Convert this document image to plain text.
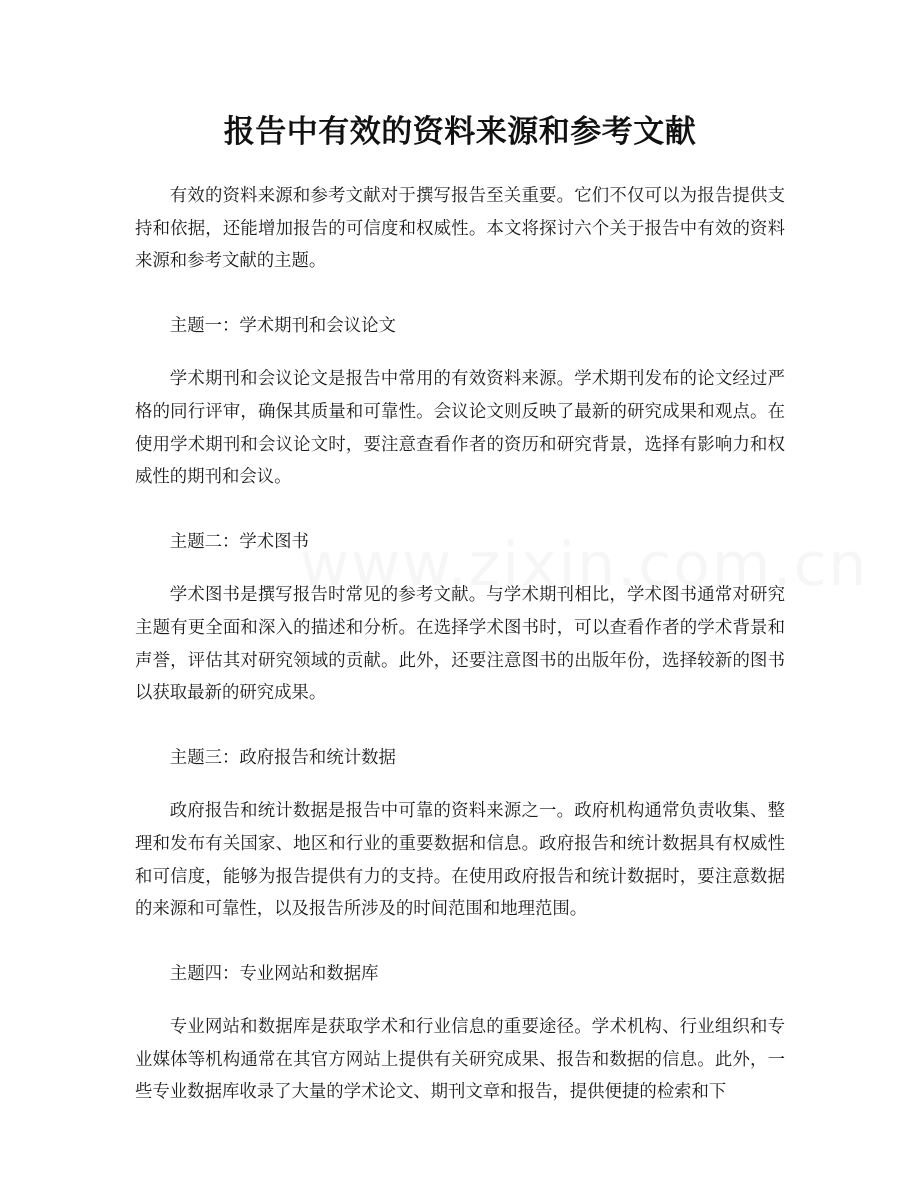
报告中有效的资料来源和参考文献

有效的资料来源和参考文献对于撰写报告至关重要。它们不仅可以为报告提供支持和依据，还能增加报告的可信度和权威性。本文将探讨六个关于报告中有效的资料来源和参考文献的主题。

主题一：学术期刊和会议论文

学术期刊和会议论文是报告中常用的有效资料来源。学术期刊发布的论文经过严格的同行评审，确保其质量和可靠性。会议论文则反映了最新的研究成果和观点。在使用学术期刊和会议论文时，要注意查看作者的资历和研究背景，选择有影响力和权威性的期刊和会议。

主题二：学术图书

学术图书是撰写报告时常见的参考文献。与学术期刊相比，学术图书通常对研究主题有更全面和深入的描述和分析。在选择学术图书时，可以查看作者的学术背景和声誉，评估其对研究领域的贡献。此外，还要注意图书的出版年份，选择较新的图书以获取最新的研究成果。

主题三：政府报告和统计数据

政府报告和统计数据是报告中可靠的资料来源之一。政府机构通常负责收集、整理和发布有关国家、地区和行业的重要数据和信息。政府报告和统计数据具有权威性和可信度，能够为报告提供有力的支持。在使用政府报告和统计数据时，要注意数据的来源和可靠性，以及报告所涉及的时间范围和地理范围。

主题四：专业网站和数据库

专业网站和数据库是获取学术和行业信息的重要途径。学术机构、行业组织和专业媒体等机构通常在其官方网站上提供有关研究成果、报告和数据的信息。此外，一些专业数据库收录了大量的学术论文、期刊文章和报告，提供便捷的检索和下
